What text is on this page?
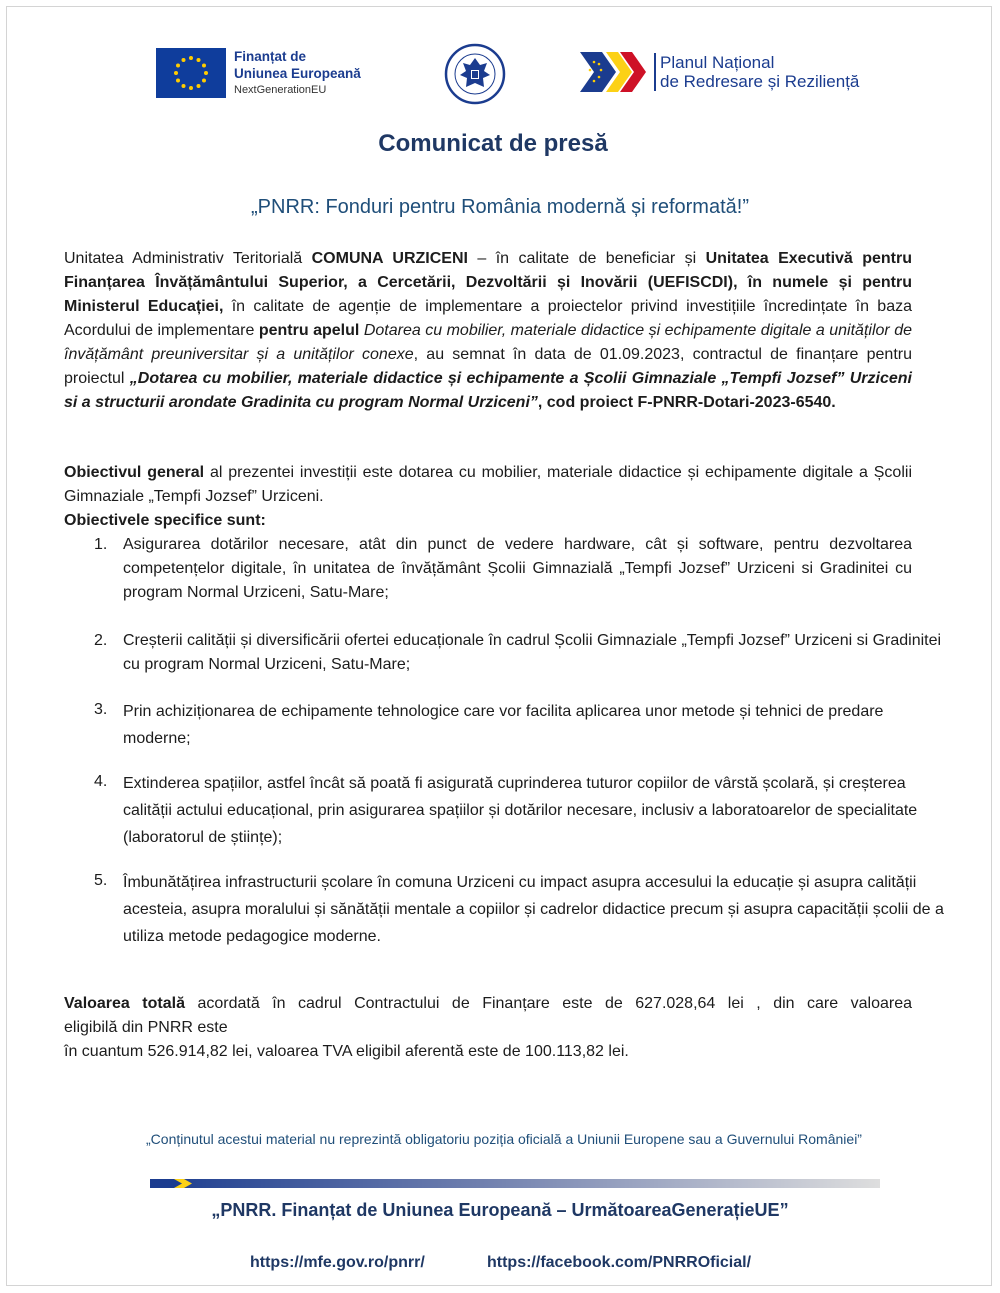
Finanțat de
Uniunea Europeană
NextGenerationEU
Planul Național
de Redresare și Reziliență
Comunicat de presă
„PNRR: Fonduri pentru România modernă și reformată!”
Unitatea Administrativ Teritorială COMUNA URZICENI – în calitate de beneficiar și Unitatea Executivă pentru Finanțarea Învățământului Superior, a Cercetării, Dezvoltării și Inovării (UEFISCDI), în numele și pentru Ministerul Educației, în calitate de agenție de implementare a proiectelor privind investițiile încredințate în baza Acordului de implementare pentru apelul Dotarea cu mobilier, materiale didactice și echipamente digitale a unităților de învățământ preuniversitar și a unităților conexe, au semnat în data de 01.09.2023, contractul de finanțare pentru proiectul „Dotarea cu mobilier, materiale didactice și echipamente a Școlii Gimnaziale „Tempfi Jozsef” Urziceni si a structurii arondate Gradinita cu program Normal Urziceni”, cod proiect F-PNRR-Dotari-2023-6540.
Obiectivul general al prezentei investiții este dotarea cu mobilier, materiale didactice și echipamente digitale a Școlii Gimnaziale „Tempfi Jozsef” Urziceni.
Obiectivele specifice sunt:
1. Asigurarea dotărilor necesare, atât din punct de vedere hardware, cât și software, pentru dezvoltarea competențelor digitale, în unitatea de învățământ Școlii Gimnazială „Tempfi Jozsef” Urziceni si Gradinitei cu program Normal Urziceni, Satu-Mare;
2. Creșterii calității și diversificării ofertei educaționale în cadrul Școlii Gimnaziale „Tempfi Jozsef” Urziceni si Gradinitei cu program Normal Urziceni, Satu-Mare;
3. Prin achiziționarea de echipamente tehnologice care vor facilita aplicarea unor metode și tehnici de predare moderne;
4. Extinderea spațiilor, astfel încât să poată fi asigurată cuprinderea tuturor copiilor de vârstă școlară, și creșterea calității actului educațional, prin asigurarea spațiilor și dotărilor necesare, inclusiv a laboratoarelor de specialitate (laboratorul de științe);
5. Îmbunătățirea infrastructurii școlare în comuna Urziceni cu impact asupra accesului la educație și asupra calității acesteia, asupra moralului și sănătății mentale a copiilor și cadrelor didactice precum și asupra capacității școlii de a utiliza metode pedagogice moderne.
Valoarea totală acordată în cadrul Contractului de Finanțare este de 627.028,64 lei , din care valoarea
eligibilă din PNRR este
în cuantum 526.914,82 lei, valoarea TVA eligibil aferentă este de 100.113,82 lei.
„Conținutul acestui material nu reprezintă obligatoriu poziția oficială a Uniunii Europene sau a Guvernului României”
„PNRR. Finanțat de Uniunea Europeană – UrmătoareaGenerațieUE”
https://mfe.gov.ro/pnrr/	https://facebook.com/PNRROficial/
